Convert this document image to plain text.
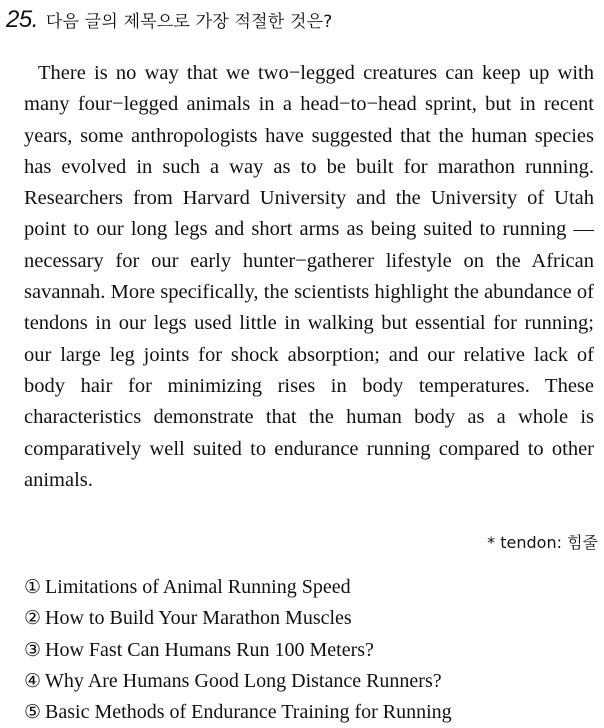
25. 다음 글의 제목으로 가장 적절한 것은?

There is no way that we two−legged creatures can keep up with many four−legged animals in a head−to−head sprint, but in recent years, some anthropologists have suggested that the human species has evolved in such a way as to be built for marathon running. Researchers from Harvard University and the University of Utah point to our long legs and short arms as being suited to running — necessary for our early hunter−gatherer lifestyle on the African savannah. More specifically, the scientists highlight the abundance of tendons in our legs used little in walking but essential for running; our large leg joints for shock absorption; and our relative lack of body hair for minimizing rises in body temperatures. These characteristics demonstrate that the human body as a whole is comparatively well suited to endurance running compared to other animals.

* tendon: 힘줄
① Limitations of Animal Running Speed
② How to Build Your Marathon Muscles
③ How Fast Can Humans Run 100 Meters?
④ Why Are Humans Good Long Distance Runners?
⑤ Basic Methods of Endurance Training for Running
